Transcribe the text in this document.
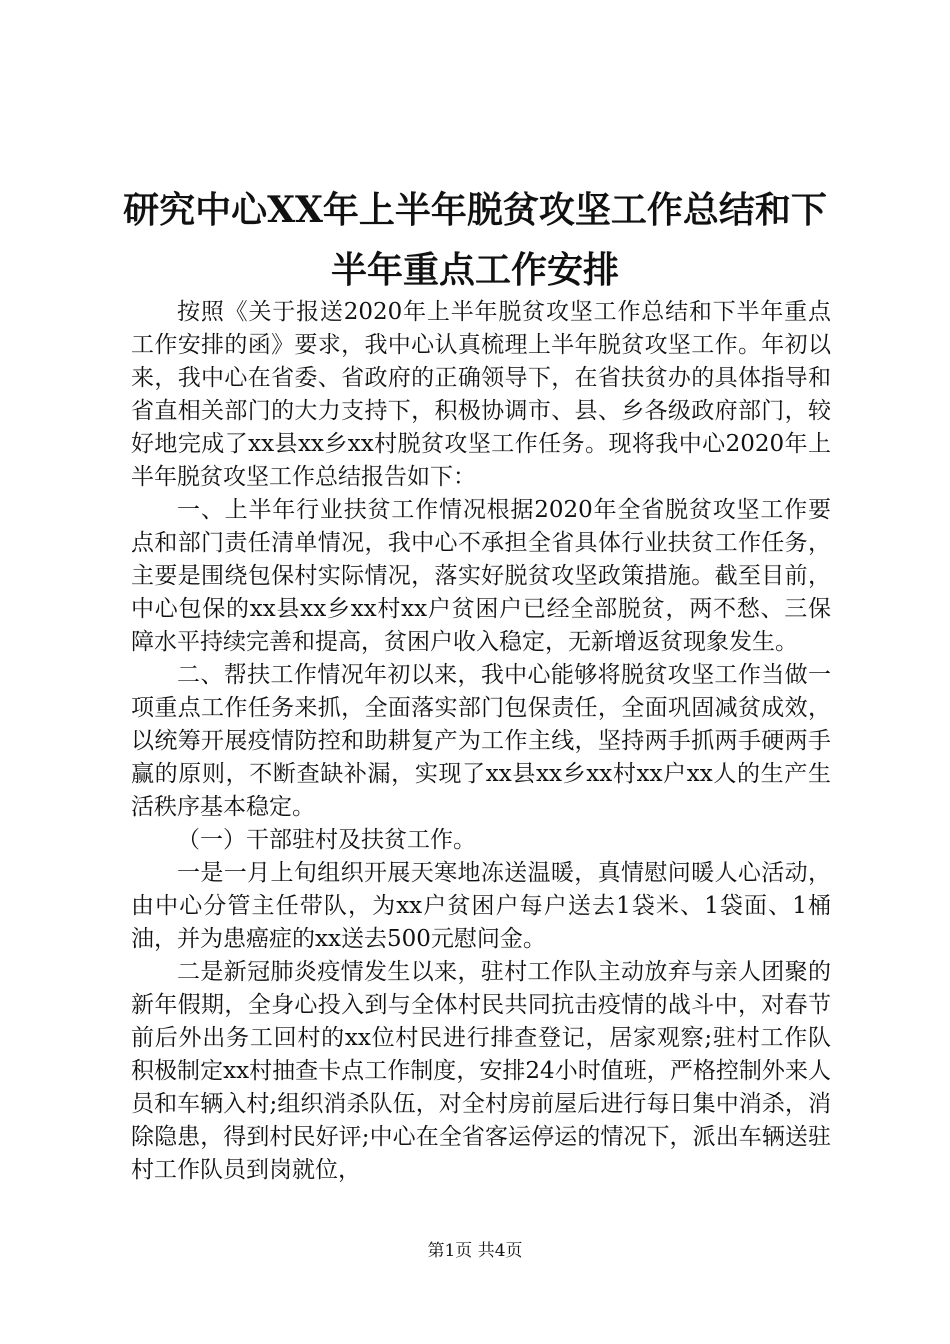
研究中心XX年上半年脱贫攻坚工作总结和下
半年重点工作安排

按照《关于报送2020年上半年脱贫攻坚工作总结和下半年重点工作安排的函》要求，我中心认真梳理上半年脱贫攻坚工作。年初以来，我中心在省委、省政府的正确领导下，在省扶贫办的具体指导和省直相关部门的大力支持下，积极协调市、县、乡各级政府部门，较好地完成了xx县xx乡xx村脱贫攻坚工作任务。现将我中心2020年上半年脱贫攻坚工作总结报告如下：

一、上半年行业扶贫工作情况根据2020年全省脱贫攻坚工作要点和部门责任清单情况，我中心不承担全省具体行业扶贫工作任务，主要是围绕包保村实际情况，落实好脱贫攻坚政策措施。截至目前，中心包保的xx县xx乡xx村xx户贫困户已经全部脱贫，两不愁、三保障水平持续完善和提高，贫困户收入稳定，无新增返贫现象发生。

二、帮扶工作情况年初以来，我中心能够将脱贫攻坚工作当做一项重点工作任务来抓，全面落实部门包保责任，全面巩固减贫成效，以统筹开展疫情防控和助耕复产为工作主线，坚持两手抓两手硬两手赢的原则，不断查缺补漏，实现了xx县xx乡xx村xx户xx人的生产生活秩序基本稳定。

（一）干部驻村及扶贫工作。

一是一月上旬组织开展天寒地冻送温暖，真情慰问暖人心活动，由中心分管主任带队，为xx户贫困户每户送去1袋米、1袋面、1桶油，并为患癌症的xx送去500元慰问金。

二是新冠肺炎疫情发生以来，驻村工作队主动放弃与亲人团聚的新年假期，全身心投入到与全体村民共同抗击疫情的战斗中，对春节前后外出务工回村的xx位村民进行排查登记，居家观察;驻村工作队积极制定xx村抽查卡点工作制度，安排24小时值班，严格控制外来人员和车辆入村;组织消杀队伍，对全村房前屋后进行每日集中消杀，消除隐患，得到村民好评;中心在全省客运停运的情况下，派出车辆送驻村工作队员到岗就位，

第1页 共4页
